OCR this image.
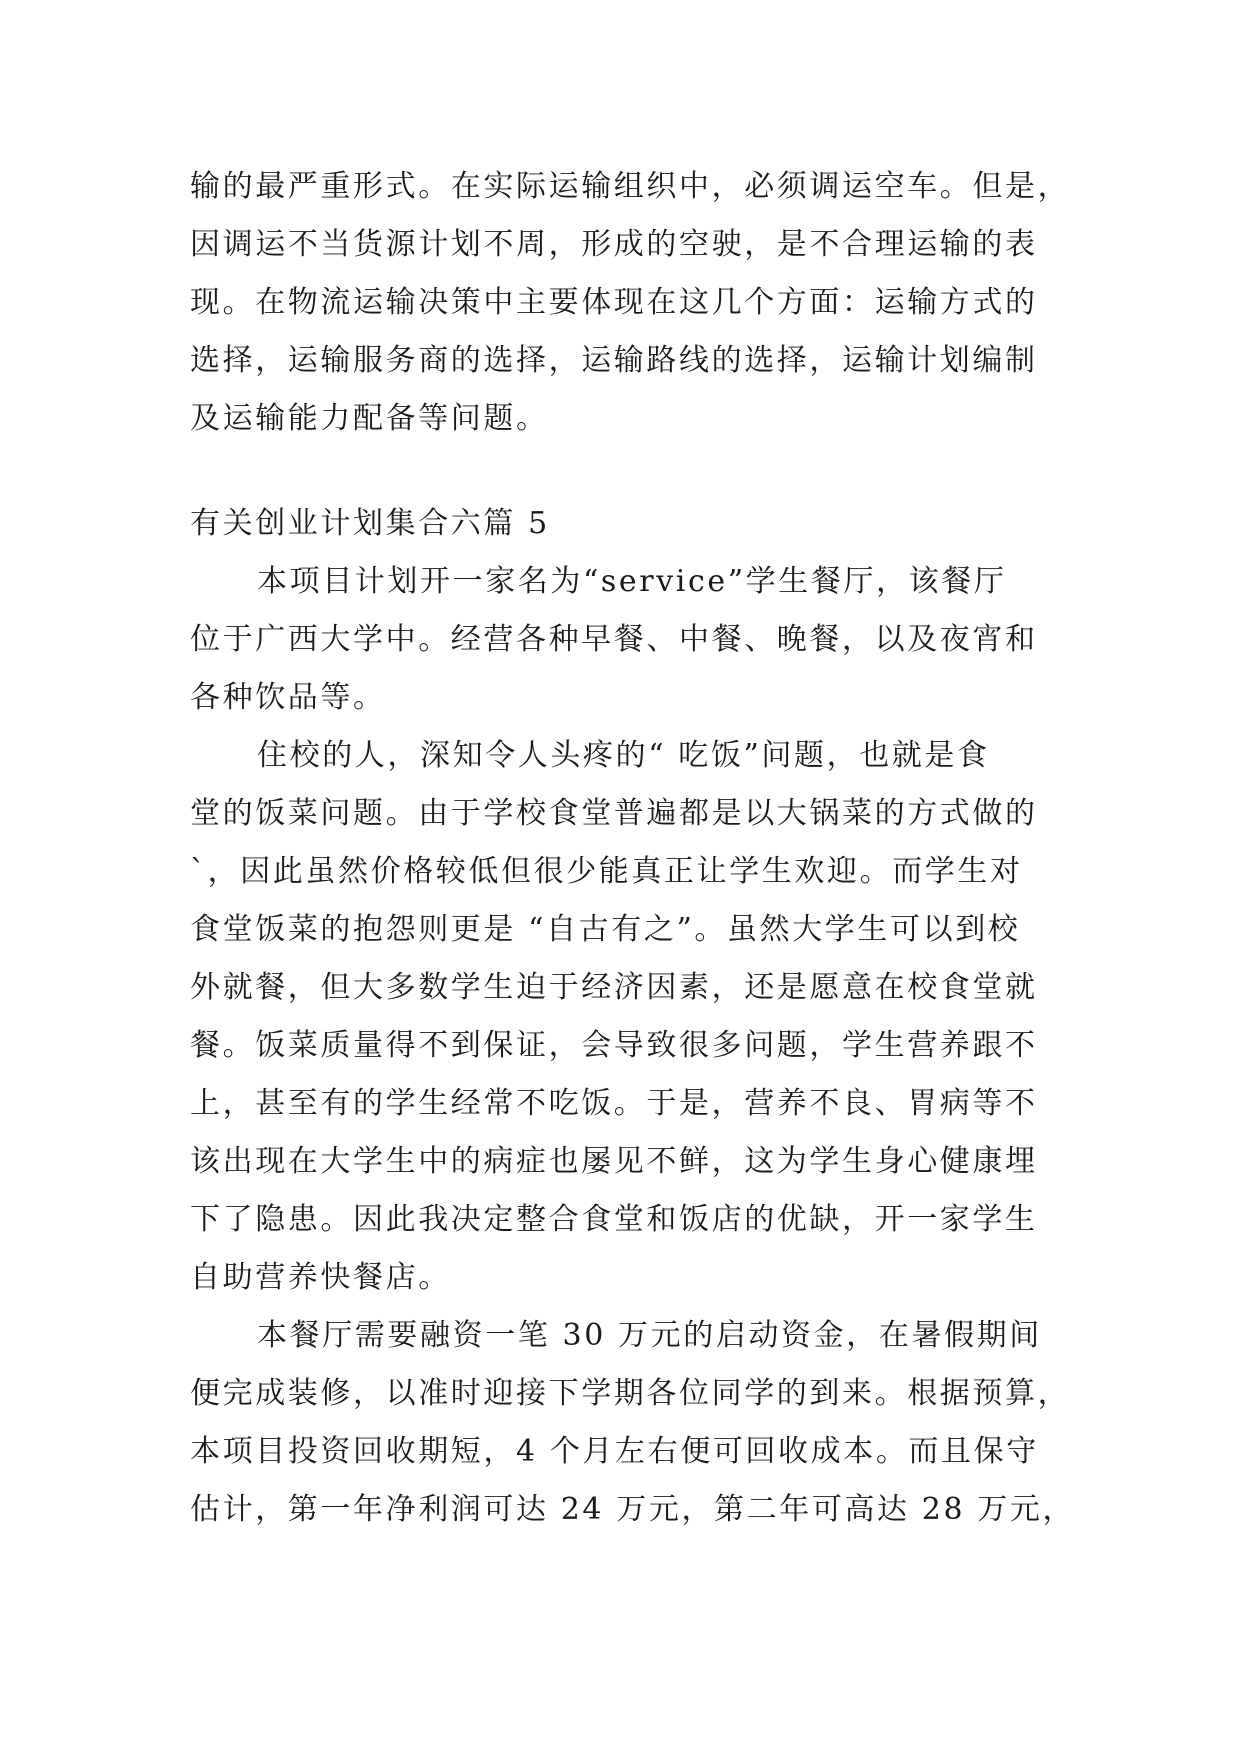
输的最严重形式。在实际运输组织中，必须调运空车。但是，
因调运不当货源计划不周，形成的空驶，是不合理运输的表
现。在物流运输决策中主要体现在这几个方面：运输方式的
选择，运输服务商的选择，运输路线的选择，运输计划编制
及运输能力配备等问题。
有关创业计划集合六篇 5
本项目计划开一家名为“service”学生餐厅，该餐厅
位于广西大学中。经营各种早餐、中餐、晚餐，以及夜宵和
各种饮品等。
住校的人，深知令人头疼的“ 吃饭”问题，也就是食
堂的饭菜问题。由于学校食堂普遍都是以大锅菜的方式做的
`，因此虽然价格较低但很少能真正让学生欢迎。而学生对
食堂饭菜的抱怨则更是 “自古有之”。虽然大学生可以到校
外就餐，但大多数学生迫于经济因素，还是愿意在校食堂就
餐。饭菜质量得不到保证，会导致很多问题，学生营养跟不
上，甚至有的学生经常不吃饭。于是，营养不良、胃病等不
该出现在大学生中的病症也屡见不鲜，这为学生身心健康埋
下了隐患。因此我决定整合食堂和饭店的优缺，开一家学生
自助营养快餐店。
本餐厅需要融资一笔 30 万元的启动资金，在暑假期间
便完成装修，以准时迎接下学期各位同学的到来。根据预算，
本项目投资回收期短，4 个月左右便可回收成本。而且保守
估计，第一年净利润可达 24 万元，第二年可高达 28 万元，
